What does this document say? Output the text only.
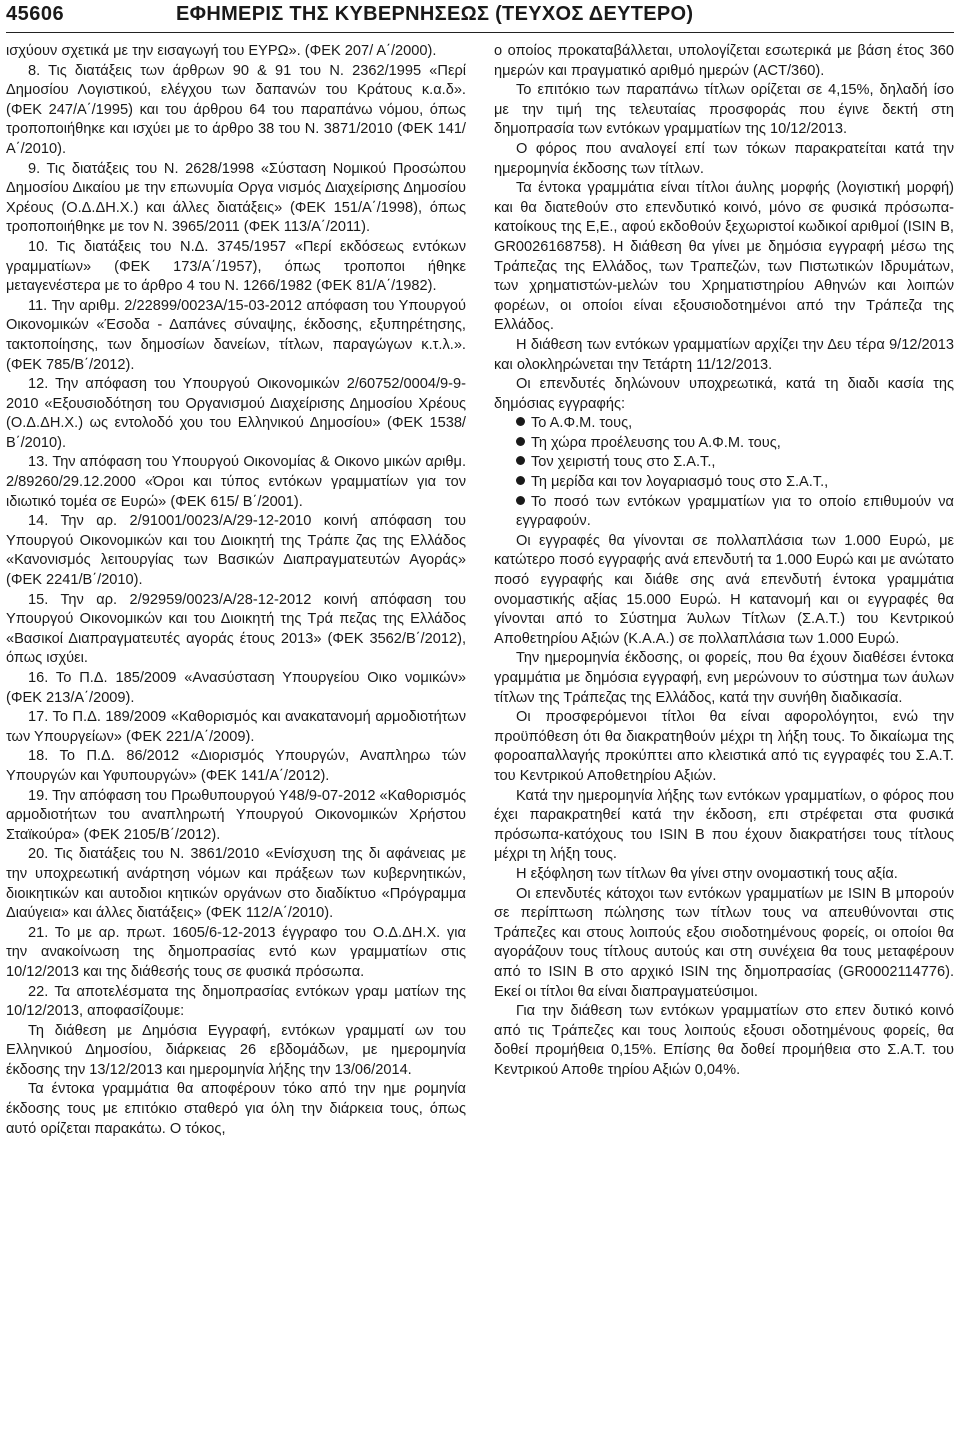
45606	ΕΦΗΜΕΡΙΣ ΤΗΣ ΚΥΒΕΡΝΗΣΕΩΣ (ΤΕΥΧΟΣ ΔΕΥΤΕΡΟ)

ισχύουν σχετικά με την εισαγωγή του ΕΥΡΩ». (ΦΕΚ 207/ Α΄/2000).

8. Τις διατάξεις των άρθρων 90 & 91 του Ν. 2362/1995 «Περί Δημοσίου Λογιστικού, ελέγχου των δαπανών του Κράτους κ.α.δ». (ΦΕΚ 247/Α΄/1995) και του άρθρου 64 του παραπάνω νόμου, όπως τροποποιήθηκε και ισχύει με το άρθρο 38 του Ν. 3871/2010 (ΦΕΚ 141/Α΄/2010).

9. Τις διατάξεις του Ν. 2628/1998 «Σύσταση Νομικού Προσώπου Δημοσίου Δικαίου με την επωνυμία Οργα νισμός Διαχείρισης Δημοσίου Χρέους (Ο.Δ.ΔΗ.Χ.) και άλλες διατάξεις» (ΦΕΚ 151/Α΄/1998), όπως τροποποιήθηκε με τον Ν. 3965/2011 (ΦΕΚ 113/Α΄/2011).

10. Τις διατάξεις του Ν.Δ. 3745/1957 «Περί εκδόσεως εντόκων γραμματίων» (ΦΕΚ 173/Α΄/1957), όπως τροποποι ήθηκε μεταγενέστερα με το άρθρο 4 του Ν. 1266/1982 (ΦΕΚ 81/Α΄/1982).

11. Την αριθμ. 2/22899/0023Α/15-03-2012 απόφαση του Υπουργού Οικονομικών «Έσοδα - Δαπάνες σύναψης, έκδοσης, εξυπηρέτησης, τακτοποίησης, των δημοσίων δανείων, τίτλων, παραγώγων κ.τ.λ.». (ΦΕΚ 785/Β΄/2012).

12. Την απόφαση του Υπουργού Οικονομικών 2/60752/0004/9-9-2010 «Εξουσιοδότηση του Οργανισμού Διαχείρισης Δημοσίου Χρέους (Ο.Δ.ΔΗ.Χ.) ως εντολοδό χου του Ελληνικού Δημοσίου» (ΦΕΚ 1538/Β΄/2010).

13. Την απόφαση του Υπουργού Οικονομίας & Οικονο μικών αριθμ. 2/89260/29.12.2000 «Όροι και τύπος εντόκων γραμματίων για τον ιδιωτικό τομέα σε Ευρώ» (ΦΕΚ 615/ Β΄/2001).

14. Την αρ. 2/91001/0023/Α/29-12-2010 κοινή απόφαση του Υπουργού Οικονομικών και του Διοικητή της Τράπε ζας της Ελλάδος «Κανονισμός λειτουργίας των Βασικών Διαπραγματευτών Αγοράς» (ΦΕΚ 2241/Β΄/2010).

15. Την αρ. 2/92959/0023/Α/28-12-2012 κοινή απόφαση του Υπουργού Οικονομικών και του Διοικητή της Τρά πεζας της Ελλάδος «Βασικοί Διαπραγματευτές αγοράς έτους 2013» (ΦΕΚ 3562/Β΄/2012), όπως ισχύει.

16. Το Π.Δ. 185/2009 «Ανασύσταση Υπουργείου Οικο νομικών» (ΦΕΚ 213/Α΄/2009).

17. Το Π.Δ. 189/2009 «Καθορισμός και ανακατανομή αρμοδιοτήτων των Υπουργείων» (ΦΕΚ 221/Α΄/2009).

18. Το Π.Δ. 86/2012 «Διορισμός Υπουργών, Αναπληρω τών Υπουργών και Υφυπουργών» (ΦΕΚ 141/Α΄/2012).

19. Την απόφαση του Πρωθυπουργού Υ48/9-07-2012 «Καθορισμός αρμοδιοτήτων του αναπληρωτή Υπουργού Οικονομικών Χρήστου Σταϊκούρα» (ΦΕΚ 2105/Β΄/2012).

20. Τις διατάξεις του Ν. 3861/2010 «Ενίσχυση της δι αφάνειας με την υποχρεωτική ανάρτηση νόμων και πράξεων των κυβερνητικών, διοικητικών και αυτοδιοι κητικών οργάνων στο διαδίκτυο «Πρόγραμμα Διαύγεια» και άλλες διατάξεις» (ΦΕΚ 112/Α΄/2010).

21. Το με αρ. πρωτ. 1605/6-12-2013 έγγραφο του Ο.Δ.ΔΗ.Χ. για την ανακοίνωση της δημοπρασίας εντό κων γραμματίων στις 10/12/2013 και της διάθεσής τους σε φυσικά πρόσωπα.

22. Τα αποτελέσματα της δημοπρασίας εντόκων γραμ ματίων της 10/12/2013, αποφασίζουμε:

Τη διάθεση με Δημόσια Εγγραφή, εντόκων γραμματί ων του Ελληνικού Δημοσίου, διάρκειας 26 εβδομάδων, με ημερομηνία έκδοσης την 13/12/2013 και ημερομηνία λήξης την 13/06/2014.

Τα έντοκα γραμμάτια θα αποφέρουν τόκο από την ημε ρομηνία έκδοσης τους με επιτόκιο σταθερό για όλη την διάρκεια τους, όπως αυτό ορίζεται παρακάτω. Ο τόκος,

ο οποίος προκαταβάλλεται, υπολογίζεται εσωτερικά με βάση έτος 360 ημερών και πραγματικό αριθμό ημερών (ACT/360).

Το επιτόκιο των παραπάνω τίτλων ορίζεται σε 4,15%, δηλαδή ίσο με την τιμή της τελευταίας προσφοράς που έγινε δεκτή στη δημοπρασία των εντόκων γραμματίων της 10/12/2013.

Ο φόρος που αναλογεί επί των τόκων παρακρατείται κατά την ημερομηνία έκδοσης των τίτλων.

Τα έντοκα γραμμάτια είναι τίτλοι άυλης μορφής (λογιστική μορφή) και θα διατεθούν στο επενδυτικό κοινό, μόνο σε φυσικά πρόσωπα-κατοίκους της Ε,Ε., αφού εκδοθούν ξεχωριστοί κωδικοί αριθμοί (ISIN B, GR0026168758). Η διάθεση θα γίνει με δημόσια εγγραφή μέσω της Τράπεζας της Ελλάδος, των Τραπεζών, των Πιστωτικών Ιδρυμάτων, των χρηματιστών-μελών του Χρηματιστηρίου Αθηνών και λοιπών φορέων, οι οποίοι είναι εξουσιοδοτημένοι από την Τράπεζα της Ελλάδος.

Η διάθεση των εντόκων γραμματίων αρχίζει την Δευ τέρα 9/12/2013 και ολοκληρώνεται την Τετάρτη 11/12/2013.

Οι επενδυτές δηλώνουν υποχρεωτικά, κατά τη διαδι κασία της δημόσιας εγγραφής:

Το Α.Φ.Μ. τους,

Τη χώρα προέλευσης του Α.Φ.Μ. τους,

Τον χειριστή τους στο Σ.Α.Τ.,

Τη μερίδα και τον λογαριασμό τους στο Σ.Α.Τ.,

Το ποσό των εντόκων γραμματίων για το οποίο επιθυμούν να εγγραφούν.

Οι εγγραφές θα γίνονται σε πολλαπλάσια των 1.000 Ευρώ, με κατώτερο ποσό εγγραφής ανά επενδυτή τα 1.000 Ευρώ και με ανώτατο ποσό εγγραφής και διάθε σης ανά επενδυτή έντοκα γραμμάτια ονομαστικής αξίας 15.000 Ευρώ. Η κατανομή και οι εγγραφές θα γίνονται από το Σύστημα Άυλων Τίτλων (Σ.Α.Τ.) του Κεντρικού Αποθετηρίου Αξιών (Κ.Α.Α.) σε πολλαπλάσια των 1.000 Ευρώ.

Την ημερομηνία έκδοσης, οι φορείς, που θα έχουν διαθέσει έντοκα γραμμάτια με δημόσια εγγραφή, ενη μερώνουν το σύστημα των άυλων τίτλων της Τράπεζας της Ελλάδος, κατά την συνήθη διαδικασία.

Οι προσφερόμενοι τίτλοι θα είναι αφορολόγητοι, ενώ την προϋπόθεση ότι θα διακρατηθούν μέχρι τη λήξη τους. Το δικαίωμα της φοροαπαλλαγής προκύπτει απο κλειστικά από τις εγγραφές του Σ.Α.Τ. του Κεντρικού Αποθετηρίου Αξιών.

Κατά την ημερομηνία λήξης των εντόκων γραμματίων, ο φόρος που έχει παρακρατηθεί κατά την έκδοση, επι στρέφεται στα φυσικά πρόσωπα-κατόχους του ISIN B που έχουν διακρατήσει τους τίτλους μέχρι τη λήξη τους.

Η εξόφληση των τίτλων θα γίνει στην ονομαστική τους αξία.

Οι επενδυτές κάτοχοι των εντόκων γραμματίων με ISIN B μπορούν σε περίπτωση πώλησης των τίτλων τους να απευθύνονται στις Τράπεζες και στους λοιπούς εξου σιοδοτημένους φορείς, οι οποίοι θα αγοράζουν τους τίτλους αυτούς και στη συνέχεια θα τους μεταφέρουν από το ISIN B στο αρχικό ISIN της δημοπρασίας (GR0002114776). Εκεί οι τίτλοι θα είναι διαπραγματεύσιμοι.

Για την διάθεση των εντόκων γραμματίων στο επεν δυτικό κοινό από τις Τράπεζες και τους λοιπούς εξουσι οδοτημένους φορείς, θα δοθεί προμήθεια 0,15%. Επίσης θα δοθεί προμήθεια στο Σ.Α.Τ. του Κεντρικού Αποθε τηρίου Αξιών 0,04%.
